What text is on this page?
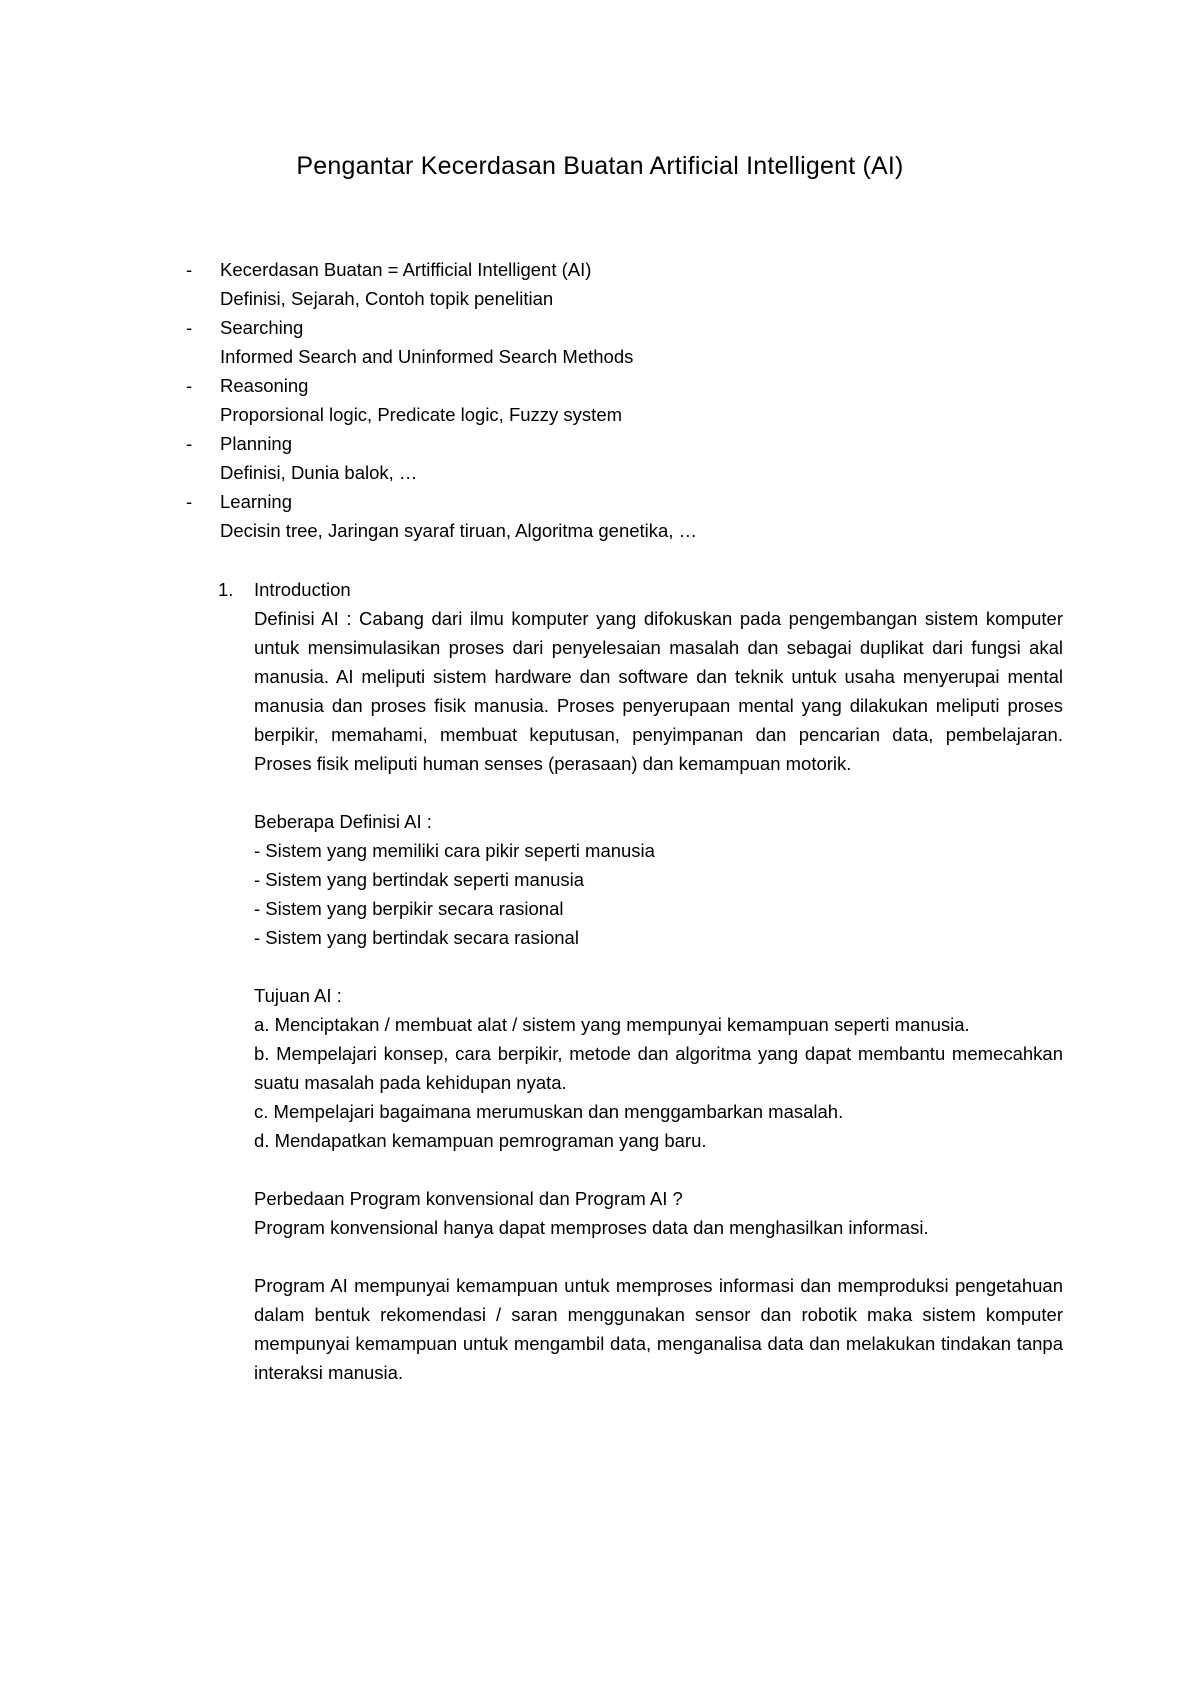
Pengantar Kecerdasan Buatan Artificial Intelligent (AI)
- Kecerdasan Buatan = Artifficial Intelligent (AI)
Definisi, Sejarah, Contoh topik penelitian
- Searching
Informed Search and Uninformed Search Methods
- Reasoning
Proporsional logic, Predicate logic, Fuzzy system
- Planning
Definisi, Dunia balok, …
- Learning
Decisin tree, Jaringan syaraf tiruan, Algoritma genetika, …
1. Introduction
Definisi AI : Cabang dari ilmu komputer yang difokuskan pada pengembangan sistem komputer untuk mensimulasikan proses dari penyelesaian masalah dan sebagai duplikat dari fungsi akal manusia. AI meliputi sistem hardware dan software dan teknik untuk usaha menyerupai mental manusia dan proses fisik manusia. Proses penyerupaan mental yang dilakukan meliputi proses berpikir, memahami, membuat keputusan, penyimpanan dan pencarian data, pembelajaran. Proses fisik meliputi human senses (perasaan) dan kemampuan motorik.
Beberapa Definisi AI :
- Sistem yang memiliki cara pikir seperti manusia
- Sistem yang bertindak seperti manusia
- Sistem yang berpikir secara rasional
- Sistem yang bertindak secara rasional
Tujuan AI :
a. Menciptakan / membuat alat / sistem yang mempunyai kemampuan seperti manusia.
b. Mempelajari konsep, cara berpikir, metode dan algoritma yang dapat membantu memecahkan suatu masalah pada kehidupan nyata.
c. Mempelajari bagaimana merumuskan dan menggambarkan masalah.
d. Mendapatkan kemampuan pemrograman yang baru.
Perbedaan Program konvensional dan Program AI ?
Program konvensional hanya dapat memproses data dan menghasilkan informasi.
Program AI mempunyai kemampuan untuk memproses informasi dan memproduksi pengetahuan dalam bentuk rekomendasi / saran menggunakan sensor dan robotik maka sistem komputer mempunyai kemampuan untuk mengambil data, menganalisa data dan melakukan tindakan tanpa interaksi manusia.
